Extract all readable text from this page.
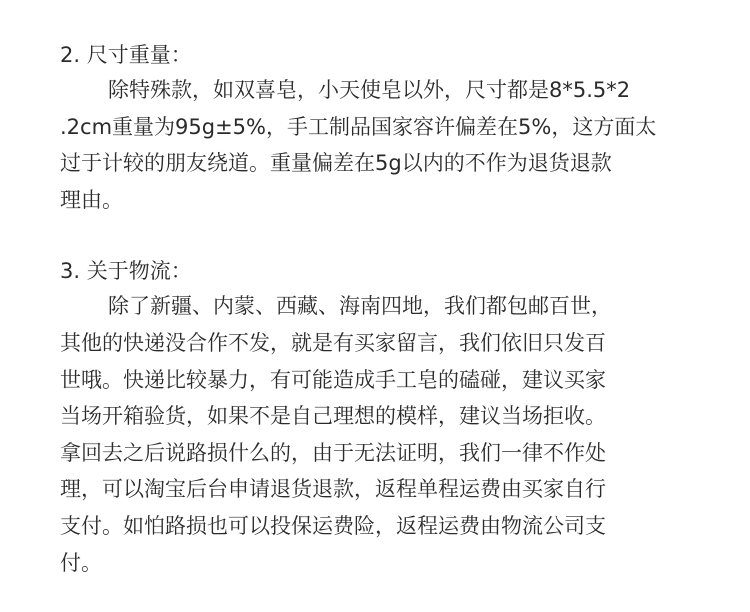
2. 尺寸重量：

除特殊款，如双喜皂，小天使皂以外，尺寸都是8*5.5*2

.2cm重量为95g±5%，手工制品国家容许偏差在5%，这方面太

过于计较的朋友绕道。重量偏差在5g以内的不作为退货退款

理由。

3. 关于物流：

除了新疆、内蒙、西藏、海南四地，我们都包邮百世，

其他的快递没合作不发，就是有买家留言，我们依旧只发百

世哦。快递比较暴力，有可能造成手工皂的磕碰，建议买家

当场开箱验货，如果不是自己理想的模样，建议当场拒收。

拿回去之后说路损什么的，由于无法证明，我们一律不作处

理，可以淘宝后台申请退货退款，返程单程运费由买家自行

支付。如怕路损也可以投保运费险，返程运费由物流公司支

付。
